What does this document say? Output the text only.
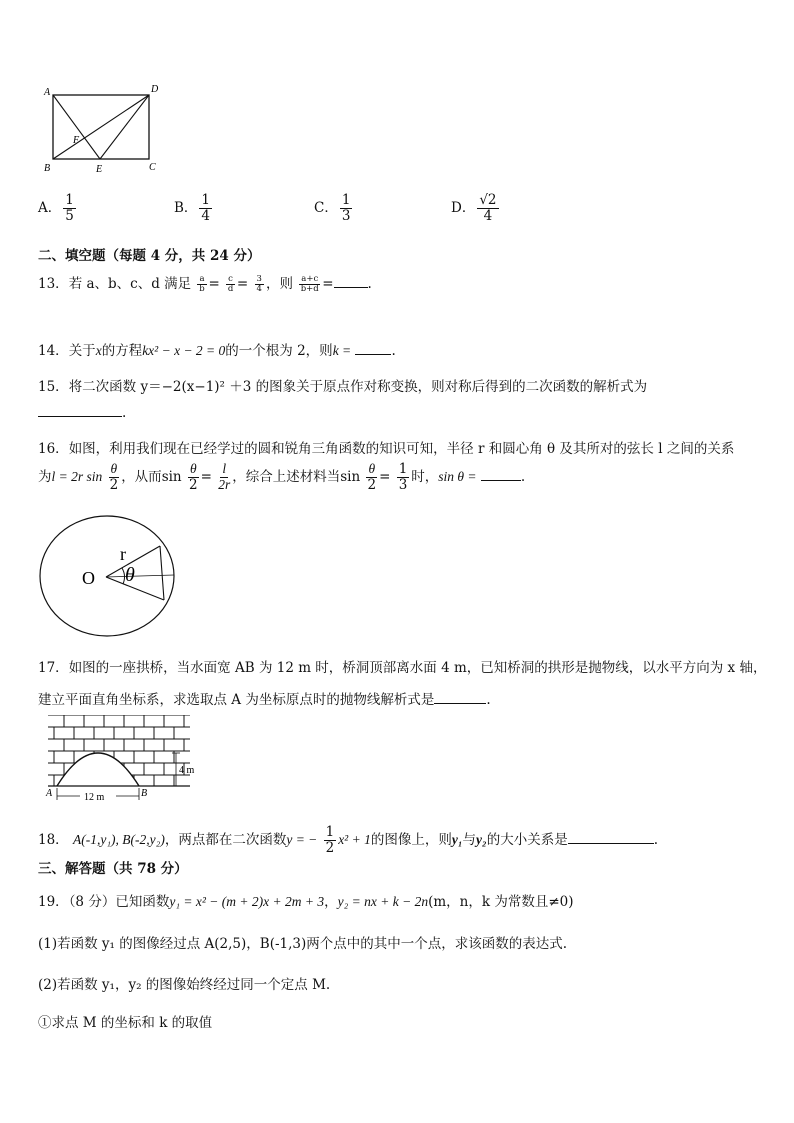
A	D
B	E	C
F
A． $\frac{1}{5}$	B． $\frac{1}{4}$	C． $\frac{1}{3}$	D． $\frac{√2}{4}$
二、填空题（每题 4 分，共 24 分）
13．若 a、b、c、d 满足 $\frac{a}{b} = \frac{c}{d} = \frac{3}{4}$ ，则 $\frac{a+c}{b+d}$ =	.
14．关于x的方程kx² − x − 2 = 0的一个根为 2，则k =	.
15．将二次函数 y＝−2(x−1)² ＋3 的图象关于原点作对称变换，则对称后得到的二次函数的解析式为
.
16．如图，利用我们现在已经学过的圆和锐角三角函数的知识可知，半径 r 和圆心角 θ 及其所对的弦长 l 之间的关系
为l = 2r $\sin \frac{\theta}{2}$ ，从而$\sin \frac{\theta}{2} = \frac{l}{2r}$ ，综合上述材料当$\sin \frac{\theta}{2} = \frac{1}{3}$ 时，sin θ =	.
O
r
θ
17．如图的一座拱桥，当水面宽 AB 为 12 m 时，桥洞顶部离水面 4 m，已知桥洞的拱形是抛物线，以水平方向为 x 轴，
建立平面直角坐标系，求选取点 A 为坐标原点时的抛物线解析式是	.
4 m
12 m
A	B
18． A(-1,y₁), B(-2,y₂)，两点都在二次函数y = − $\frac{1}{2} x^2 + 1$的图像上，则y₁与y₂的大小关系是	.
三、解答题（共 78 分）
19．（8 分）已知函数y₁ = x² − (m + 2)x + 2m + 3，y₂ = nx + k − 2n(m，n，k 为常数且≠0)
(1)若函数 y₁ 的图像经过点 A(2,5)，B(-1,3)两个点中的其中一个点，求该函数的表达式.
(2)若函数 y₁，y₂ 的图像始终经过同一个定点 M.
①求点 M 的坐标和 k 的取值
